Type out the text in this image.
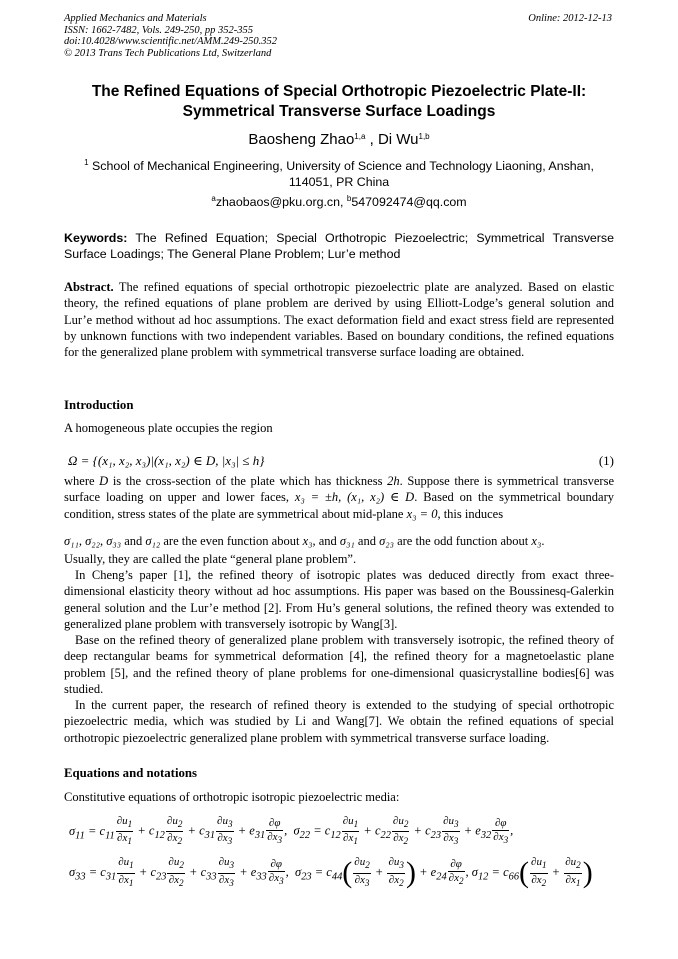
Applied Mechanics and Materials
ISSN: 1662-7482, Vols. 249-250, pp 352-355
doi:10.4028/www.scientific.net/AMM.249-250.352
© 2013 Trans Tech Publications Ltd, Switzerland
Online: 2012-12-13
The Refined Equations of Special Orthotropic Piezoelectric Plate-II:
Symmetrical Transverse Surface Loadings
Baosheng Zhao$^{1,a}$ , Di Wu$^{1,b}$
$^1$ School of Mechanical Engineering, University of Science and Technology Liaoning, Anshan, 114051, PR China
$^a$zhaobaos@pku.org.cn, $^b$547092474@qq.com
Keywords: The Refined Equation; Special Orthotropic Piezoelectric; Symmetrical Transverse Surface Loadings; The General Plane Problem; Lur’e method
Abstract. The refined equations of special orthotropic piezoelectric plate are analyzed. Based on elastic theory, the refined equations of plane problem are derived by using Elliott-Lodge’s general solution and Lur’e method without ad hoc assumptions. The exact deformation field and exact stress field are represented by unknown functions with two independent variables. Based on boundary conditions, the refined equations for the generalized plane problem with symmetrical transverse surface loading are obtained.
Introduction
A homogeneous plate occupies the region
Ω = {(x₁, x₂, x₃)|(x₁, x₂) ∈ D, |x₃| ≤ h}	(1)
where D is the cross-section of the plate which has thickness 2h. Suppose there is symmetrical transverse surface loading on upper and lower faces, x₃ = ±h, (x₁, x₂) ∈ D. Based on the symmetrical boundary condition, stress states of the plate are symmetrical about mid-plane x₃ = 0, this induces
σ₁₁, σ₂₂, σ₃₃ and σ₁₂ are the even function about x₃, and σ₃₁ and σ₂₃ are the odd function about x₃.
Usually, they are called the plate “general plane problem”.
In Cheng’s paper [1], the refined theory of isotropic plates was deduced directly from exact three-dimensional elasticity theory without ad hoc assumptions. His paper was based on the Boussinesq-Galerkin general solution and the Lur’e method [2]. From Hu’s general solutions, the refined theory was extended to generalized plane problem with transversely isotropic by Wang[3].
Base on the refined theory of generalized plane problem with transversely isotropic, the refined theory of deep rectangular beams for symmetrical deformation [4], the refined theory for a magnetoelastic plane problem [5], and the refined theory of plane problems for one-dimensional quasicrystalline bodies[6] was studied.
In the current paper, the research of refined theory is extended to the studying of special orthotropic piezoelectric media, which was studied by Li and Wang[7]. We obtain the refined equations of special orthotropic piezoelectric generalized plane problem with symmetrical transverse surface loading.
Equations and notations
Constitutive equations of orthotropic isotropic piezoelectric media:
$\sigma_{11} = c_{11} \frac{\partial u_1}{\partial x_1} + c_{12} \frac{\partial u_2}{\partial x_2} + c_{31} \frac{\partial u_3}{\partial x_3} + e_{31} \frac{\partial\varphi}{\partial x_3}$ ,  $\sigma_{22} = c_{12} \frac{\partial u_1}{\partial x_1} + c_{22} \frac{\partial u_2}{\partial x_2} + c_{23} \frac{\partial u_3}{\partial x_3} + e_{32} \frac{\partial\varphi}{\partial x_3}$ ,
$\sigma_{33} = c_{31} \frac{\partial u_1}{\partial x_1} + c_{23} \frac{\partial u_2}{\partial x_2} + c_{33} \frac{\partial u_3}{\partial x_3} + e_{33} \frac{\partial\varphi}{\partial x_3}$ ,  $\sigma_{23} = c_{44}( \frac{\partial u_2}{\partial x_3} + \frac{\partial u_3}{\partial x_2}$ ) + $e_{24} \frac{\partial\varphi}{\partial x_2}$ , $\sigma_{12} = c_{66}( \frac{\partial u_1}{\partial x_2} + \frac{\partial u_2}{\partial x_1}$ )
